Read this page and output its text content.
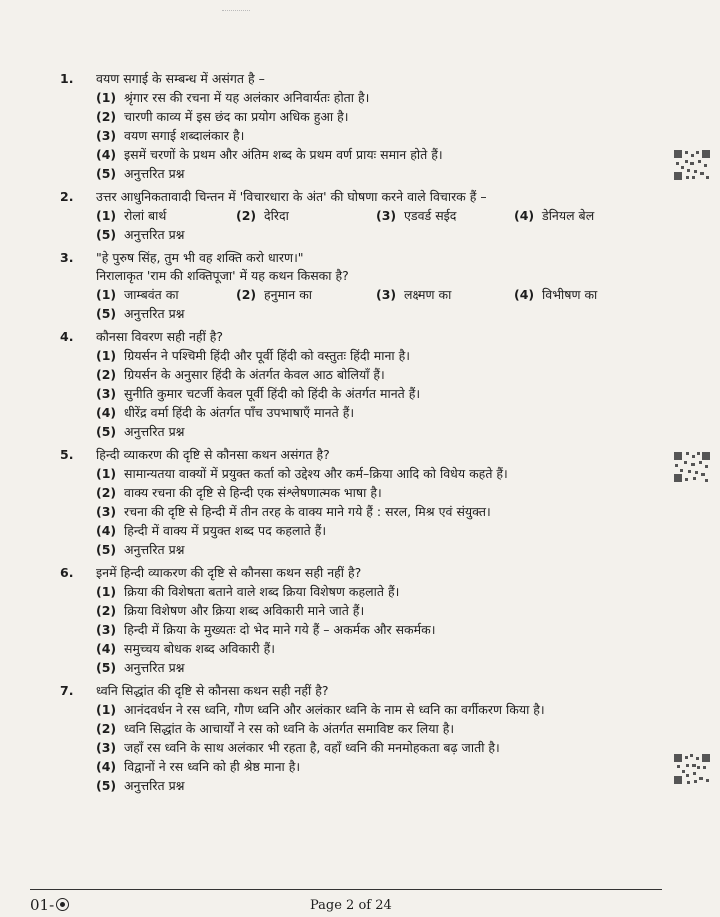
1.	वयण सगाई के सम्बन्ध में असंगत है –
(1) श्रृंगार रस की रचना में यह अलंकार अनिवार्यतः होता है।
(2) चारणी काव्य में इस छंद का प्रयोग अधिक हुआ है।
(3) वयण सगाई शब्दालंकार है।
(4) इसमें चरणों के प्रथम और अंतिम शब्द के प्रथम वर्ण प्रायः समान होते हैं।
(5) अनुत्तरित प्रश्न
2.	उत्तर आधुनिकतावादी चिन्तन में 'विचारधारा के अंत' की घोषणा करने वाले विचारक हैं –
(1) रोलां बार्थ	(2) देरिदा	(3) एडवर्ड सईद	(4) डेनियल बेल
(5) अनुत्तरित प्रश्न
3.	"हे पुरुष सिंह, तुम भी वह शक्ति करो धारण।"
निरालाकृत 'राम की शक्तिपूजा' में यह कथन किसका है?
(1) जाम्बवंत का	(2) हनुमान का	(3) लक्ष्मण का	(4) विभीषण का
(5) अनुत्तरित प्रश्न
4.	कौनसा विवरण सही नहीं है?
(1) ग्रियर्सन ने पश्चिमी हिंदी और पूर्वी हिंदी को वस्तुतः हिंदी माना है।
(2) ग्रियर्सन के अनुसार हिंदी के अंतर्गत केवल आठ बोलियाँ हैं।
(3) सुनीति कुमार चटर्जी केवल पूर्वी हिंदी को हिंदी के अंतर्गत मानते हैं।
(4) धीरेंद्र वर्मा हिंदी के अंतर्गत पाँच उपभाषाएँ मानते हैं।
(5) अनुत्तरित प्रश्न
5.	हिन्दी व्याकरण की दृष्टि से कौनसा कथन असंगत है?
(1) सामान्यतया वाक्यों में प्रयुक्त कर्ता को उद्देश्य और कर्म–क्रिया आदि को विधेय कहते हैं।
(2) वाक्य रचना की दृष्टि से हिन्दी एक संश्लेषणात्मक भाषा है।
(3) रचना की दृष्टि से हिन्दी में तीन तरह के वाक्य माने गये हैं : सरल, मिश्र एवं संयुक्त।
(4) हिन्दी में वाक्य में प्रयुक्त शब्द पद कहलाते हैं।
(5) अनुत्तरित प्रश्न
6.	इनमें हिन्दी व्याकरण की दृष्टि से कौनसा कथन सही नहीं है?
(1) क्रिया की विशेषता बताने वाले शब्द क्रिया विशेषण कहलाते हैं।
(2) क्रिया विशेषण और क्रिया शब्द अविकारी माने जाते हैं।
(3) हिन्दी में क्रिया के मुख्यतः दो भेद माने गये हैं – अकर्मक और सकर्मक।
(4) समुच्चय बोधक शब्द अविकारी हैं।
(5) अनुत्तरित प्रश्न
7.	ध्वनि सिद्धांत की दृष्टि से कौनसा कथन सही नहीं है?
(1) आनंदवर्धन ने रस ध्वनि, गौण ध्वनि और अलंकार ध्वनि के नाम से ध्वनि का वर्गीकरण किया है।
(2) ध्वनि सिद्धांत के आचार्यों ने रस को ध्वनि के अंतर्गत समाविष्ट कर लिया है।
(3) जहाँ रस ध्वनि के साथ अलंकार भी रहता है, वहाँ ध्वनि की मनमोहकता बढ़ जाती है।
(4) विद्वानों ने रस ध्वनि को ही श्रेष्ठ माना है।
(5) अनुत्तरित प्रश्न
01-	Page 2 of 24
